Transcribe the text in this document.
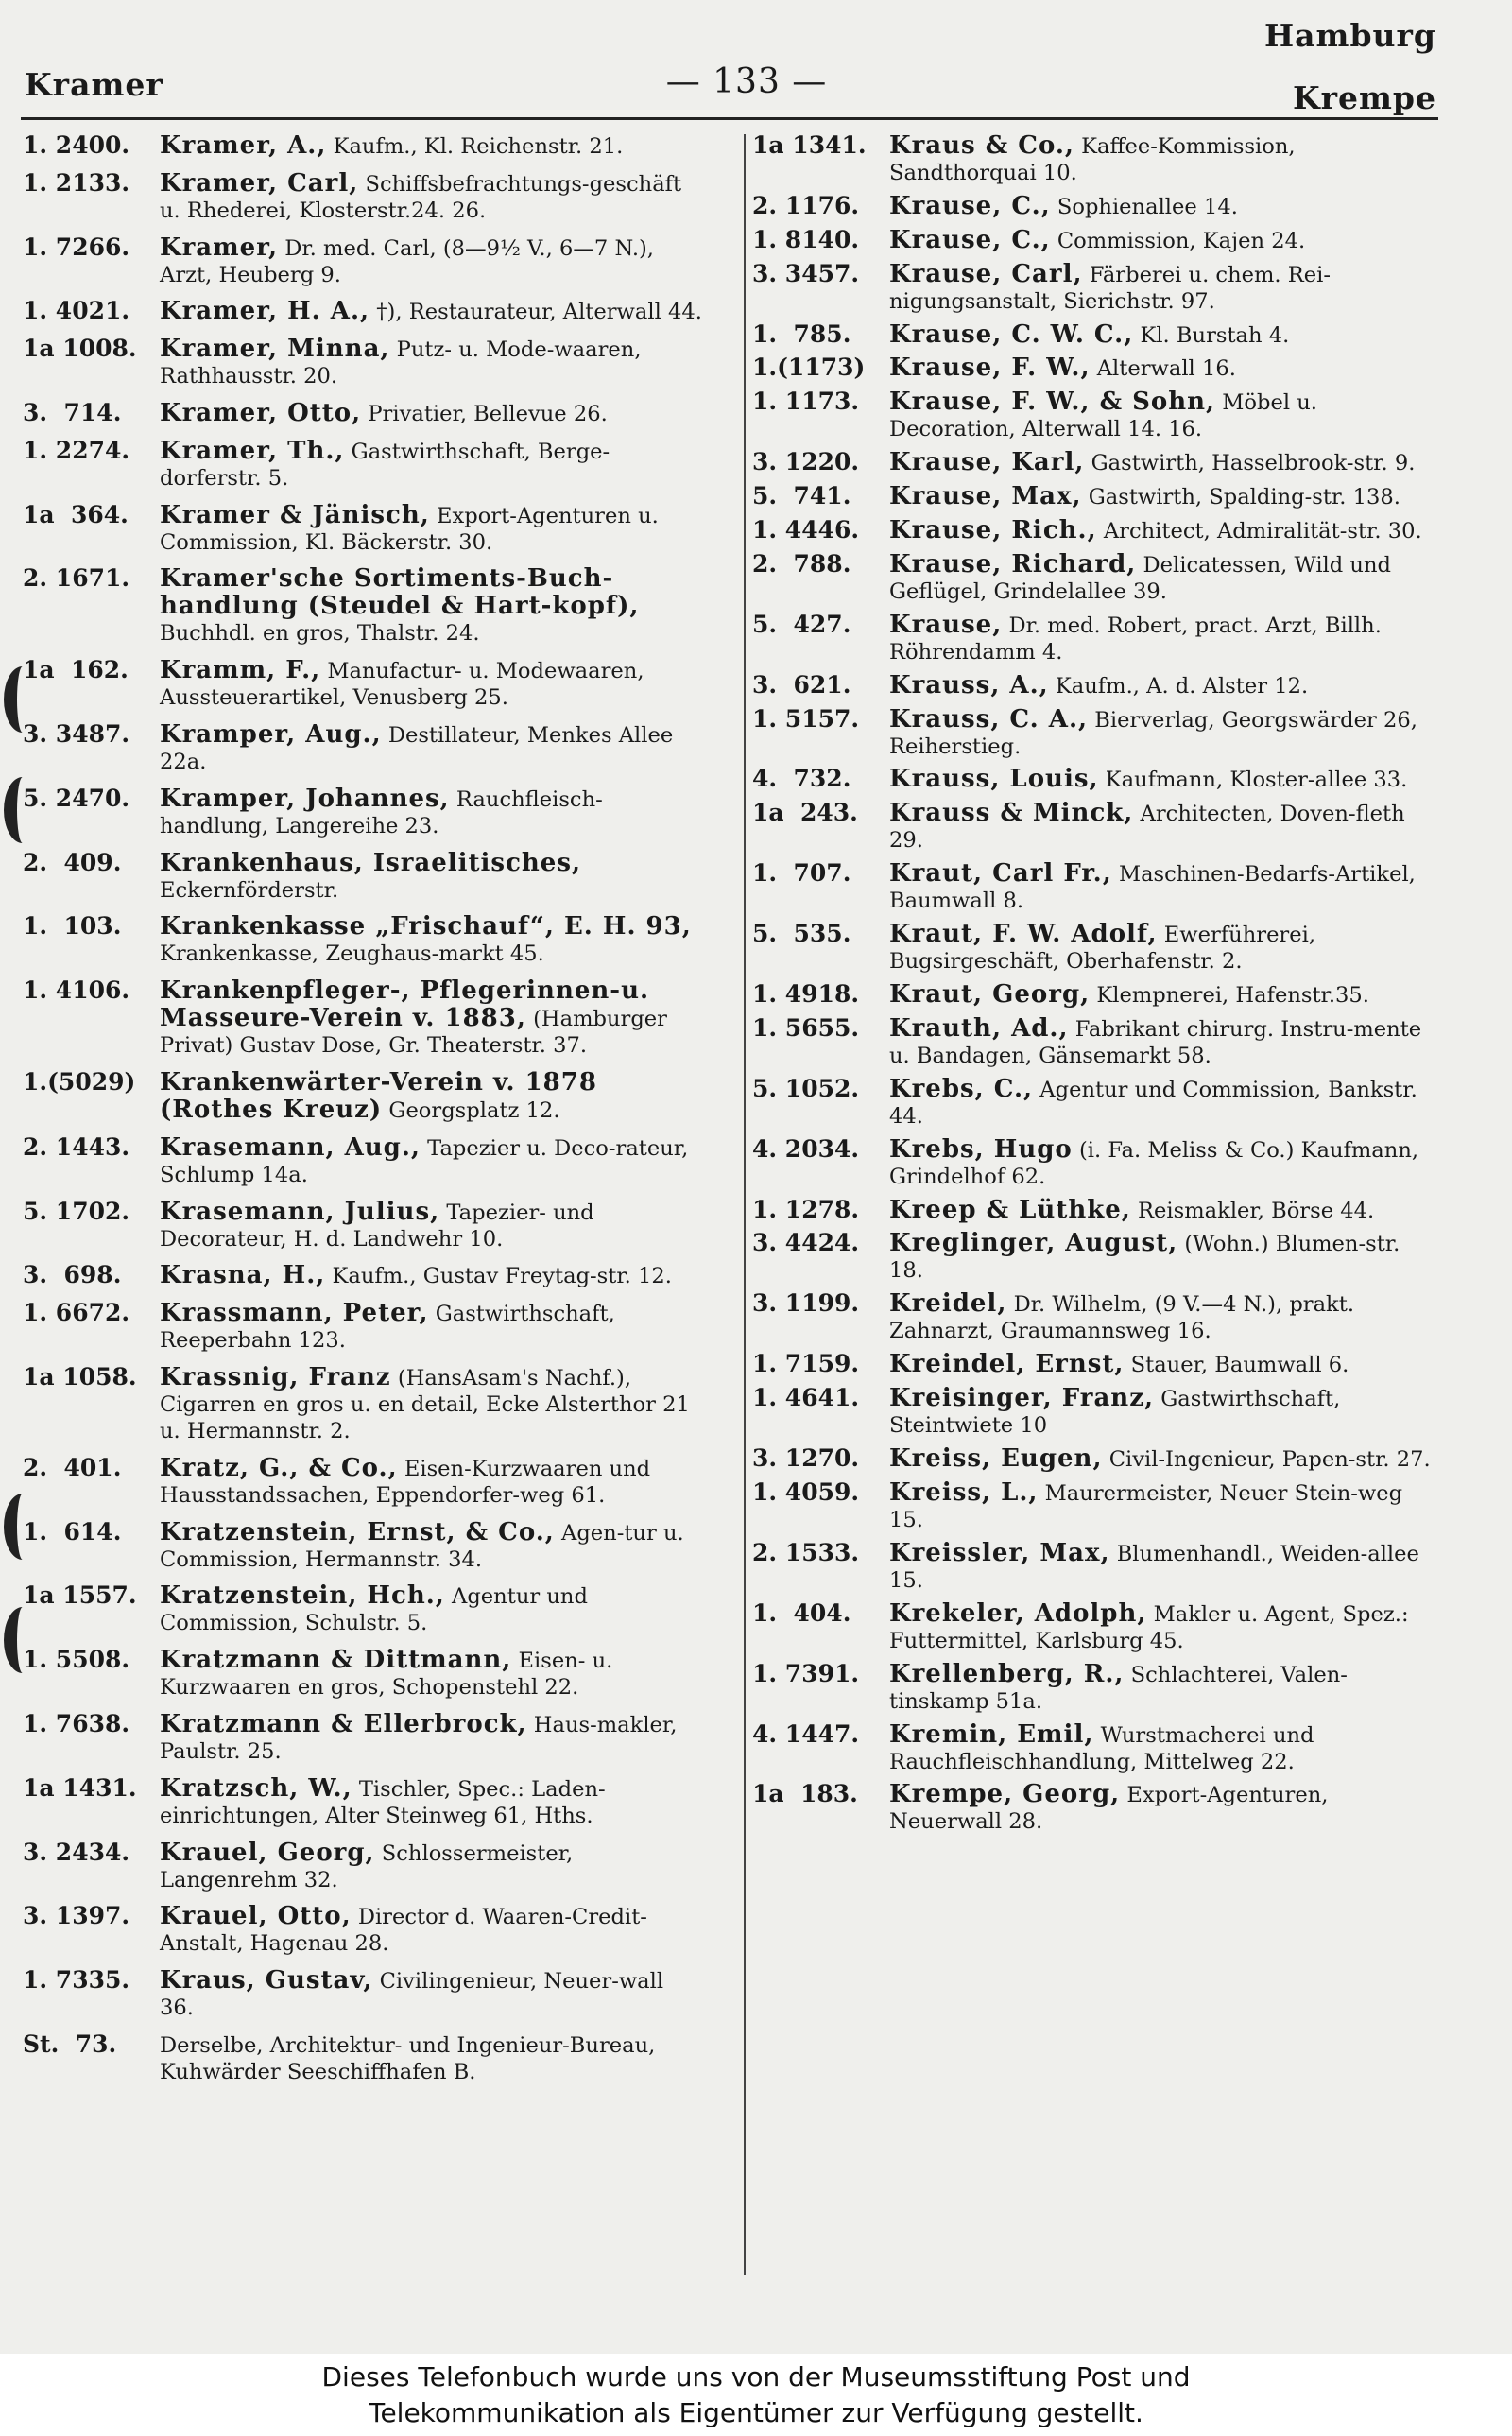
Hamburg
Kramer	— 133 —	Krempe
1. 2400. Kramer, A., Kaufm., Kl. Reichenstr. 21.
1. 2133. Kramer, Carl, Schiffsbefrachtungs-geschäft u. Rhederei, Klosterstr.24. 26.
1. 7266. Kramer, Dr. med. Carl, (8—9½ V., 6—7 N.), Arzt, Heuberg 9.
1. 4021. Kramer, H. A., †), Restaurateur, Alterwall 44.
1a 1008. Kramer, Minna, Putz- u. Mode-waaren, Rathhausstr. 20.
3.  714. Kramer, Otto, Privatier, Bellevue 26.
1. 2274. Kramer, Th., Gastwirthschaft, Berge-dorferstr. 5.
1a  364. Kramer & Jänisch, Export-Agenturen u. Commission, Kl. Bäckerstr. 30.
2. 1671. Kramer'sche Sortiments-Buch-handlung (Steudel & Hart-kopf), Buchhdl. en gros, Thalstr. 24.
1a  162. Kramm, F., Manufactur- u. Modewaaren, Aussteuerartikel, Venusberg 25.
3. 3487. Kramper, Aug., Destillateur, Menkes Allee 22a.
5. 2470. Kramper, Johannes, Rauchfleisch-handlung, Langereihe 23.
2.  409. Krankenhaus, Israelitisches, Eckernförderstr.
1.  103. Krankenkasse „Frischauf“, E. H. 93, Krankenkasse, Zeughaus-markt 45.
1. 4106. Krankenpfleger-, Pflegerinnen-u. Masseure-Verein v. 1883, (Hamburger Privat) Gustav Dose, Gr. Theaterstr. 37.
1.(5029) Krankenwärter-Verein v. 1878 (Rothes Kreuz) Georgsplatz 12.
2. 1443. Krasemann, Aug., Tapezier u. Deco-rateur, Schlump 14a.
5. 1702. Krasemann, Julius, Tapezier- und Decorateur, H. d. Landwehr 10.
3.  698. Krasna, H., Kaufm., Gustav Freytag-str. 12.
1. 6672. Krassmann, Peter, Gastwirthschaft, Reeperbahn 123.
1a 1058. Krassnig, Franz (HansAsam's Nachf.), Cigarren en gros u. en detail, Ecke Alsterthor 21 u. Hermannstr. 2.
2.  401. Kratz, G., & Co., Eisen-Kurzwaaren und Hausstandssachen, Eppendorfer-weg 61.
1.  614. Kratzenstein, Ernst, & Co., Agen-tur u. Commission, Hermannstr. 34.
1a 1557. Kratzenstein, Hch., Agentur und Commission, Schulstr. 5.
1. 5508. Kratzmann & Dittmann, Eisen- u. Kurzwaaren en gros, Schopenstehl 22.
1. 7638. Kratzmann & Ellerbrock, Haus-makler, Paulstr. 25.
1a 1431. Kratzsch, W., Tischler, Spec.: Laden-einrichtungen, Alter Steinweg 61, Hths.
3. 2434. Krauel, Georg, Schlossermeister, Langenrehm 32.
3. 1397. Krauel, Otto, Director d. Waaren-Credit-Anstalt, Hagenau 28.
1. 7335. Kraus, Gustav, Civilingenieur, Neuer-wall 36.
St.  73. Derselbe, Architektur- und Ingenieur-Bureau, Kuhwärder Seeschiffhafen B.
1a 1341. Kraus & Co., Kaffee-Kommission, Sandthorquai 10.
2. 1176. Krause, C., Sophienallee 14.
1. 8140. Krause, C., Commission, Kajen 24.
3. 3457. Krause, Carl, Färberei u. chem. Rei-nigungsanstalt, Sierichstr. 97.
1.  785. Krause, C. W. C., Kl. Burstah 4.
1.(1173) Krause, F. W., Alterwall 16.
1. 1173. Krause, F. W., & Sohn, Möbel u. Decoration, Alterwall 14. 16.
3. 1220. Krause, Karl, Gastwirth, Hasselbrook-str. 9.
5.  741. Krause, Max, Gastwirth, Spalding-str. 138.
1. 4446. Krause, Rich., Architect, Admiralität-str. 30.
2.  788. Krause, Richard, Delicatessen, Wild und Geflügel, Grindelallee 39.
5.  427. Krause, Dr. med. Robert, pract. Arzt, Billh. Röhrendamm 4.
3.  621. Krauss, A., Kaufm., A. d. Alster 12.
1. 5157. Krauss, C. A., Bierverlag, Georgswärder 26, Reiherstieg.
4.  732. Krauss, Louis, Kaufmann, Kloster-allee 33.
1a  243. Krauss & Minck, Architecten, Doven-fleth 29.
1.  707. Kraut, Carl Fr., Maschinen-Bedarfs-Artikel, Baumwall 8.
5.  535. Kraut, F. W. Adolf, Ewerführerei, Bugsirgeschäft, Oberhafenstr. 2.
1. 4918. Kraut, Georg, Klempnerei, Hafenstr.35.
1. 5655. Krauth, Ad., Fabrikant chirurg. Instru-mente u. Bandagen, Gänsemarkt 58.
5. 1052. Krebs, C., Agentur und Commission, Bankstr. 44.
4. 2034. Krebs, Hugo (i. Fa. Meliss & Co.) Kaufmann, Grindelhof 62.
1. 1278. Kreep & Lüthke, Reismakler, Börse 44.
3. 4424. Kreglinger, August, (Wohn.) Blumen-str. 18.
3. 1199. Kreidel, Dr. Wilhelm, (9 V.—4 N.), prakt. Zahnarzt, Graumannsweg 16.
1. 7159. Kreindel, Ernst, Stauer, Baumwall 6.
1. 4641. Kreisinger, Franz, Gastwirthschaft, Steintwiete 10
3. 1270. Kreiss, Eugen, Civil-Ingenieur, Papen-str. 27.
1. 4059. Kreiss, L., Maurermeister, Neuer Stein-weg 15.
2. 1533. Kreissler, Max, Blumenhandl., Weiden-allee 15.
1.  404. Krekeler, Adolph, Makler u. Agent, Spez.: Futtermittel, Karlsburg 45.
1. 7391. Krellenberg, R., Schlachterei, Valen-tinskamp 51a.
4. 1447. Kremin, Emil, Wurstmacherei und Rauchfleischhandlung, Mittelweg 22.
1a  183. Krempe, Georg, Export-Agenturen, Neuerwall 28.
Dieses Telefonbuch wurde uns von der Museumsstiftung Post und
Telekommunikation als Eigentümer zur Verfügung gestellt.
